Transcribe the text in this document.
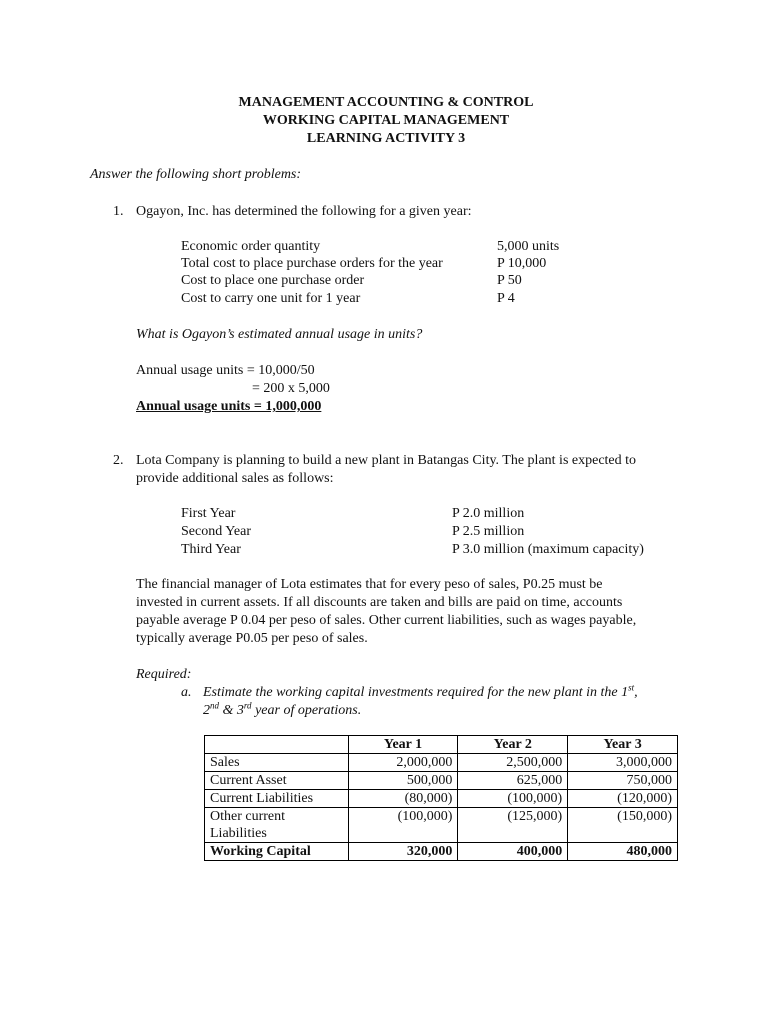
MANAGEMENT ACCOUNTING & CONTROL
WORKING CAPITAL MANAGEMENT
LEARNING ACTIVITY 3
Answer the following short problems:
1. Ogayon, Inc. has determined the following for a given year:
Economic order quantity	5,000 units
Total cost to place purchase orders for the year	P 10,000
Cost to place one purchase order	P 50
Cost to carry one unit for 1 year	P 4
What is Ogayon’s estimated annual usage in units?
Annual usage units = 10,000/50
= 200 x 5,000
Annual usage units = 1,000,000
2. Lota Company is planning to build a new plant in Batangas City. The plant is expected to
provide additional sales as follows:
First Year	P 2.0 million
Second Year	P 2.5 million
Third Year	P 3.0 million (maximum capacity)
The financial manager of Lota estimates that for every peso of sales, P0.25 must be
invested in current assets. If all discounts are taken and bills are paid on time, accounts
payable average P 0.04 per peso of sales. Other current liabilities, such as wages payable,
typically average P0.05 per peso of sales.
Required:
a. Estimate the working capital investments required for the new plant in the 1st,
2nd & 3rd year of operations.
	Year 1	Year 2	Year 3
Sales	2,000,000	2,500,000	3,000,000
Current Asset	500,000	625,000	750,000
Current Liabilities	(80,000)	(100,000)	(120,000)
Other current Liabilities	(100,000)	(125,000)	(150,000)
Working Capital	320,000	400,000	480,000
